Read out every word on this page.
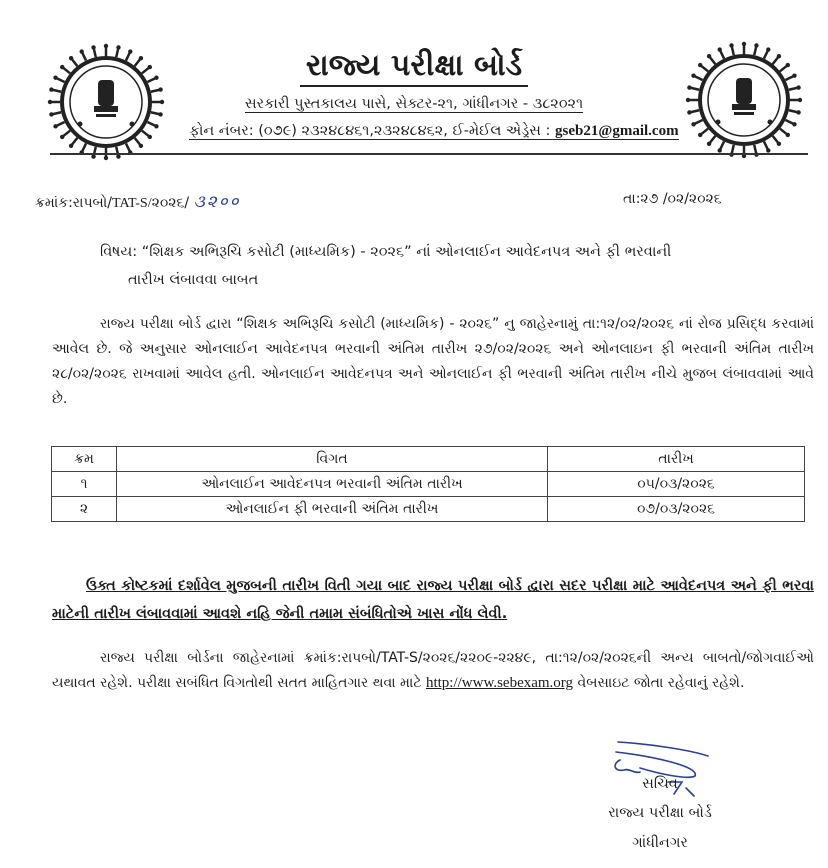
રાજ્ય પરીક્ષા બોર્ડ
સરકારી પુસ્તકાલય પાસે, સેક્ટર-૨૧, ગાંધીનગર - ૩૮૨૦૨૧
ફોન નંબર: (૦૭૯) ૨૩૨૪૮૪૬૧,૨૩૨૪૮૪૬૨, ઈ-મેઈલ એડ્રેસ : gseb21@gmail.com
ક્રમાંક:રાપબો/TAT-S/૨૦૨૬/ ૩૨००	તા:૨૭ /૦૨/૨૦૨૬
વિષય: “શિક્ષક અભિરૂચિ કસોટી (માધ્યમિક) - ૨૦૨૬” નાં ઓનલાઈન આવેદનપત્ર અને ફી ભરવાની
તારીખ લંબાવવા બાબત
રાજ્ય પરીક્ષા બોર્ડ દ્વારા “શિક્ષક અભિરૂચિ કસોટી (માધ્યમિક) - ૨૦૨૬” નુ જાહેરનામું તા:૧૨/૦૨/૨૦૨૬ નાં રોજ પ્રસિદ્ધ કરવામાં આવેલ છે. જે અનુસાર ઓનલાઈન આવેદનપત્ર ભરવાની અંતિમ તારીખ ૨૭/૦૨/૨૦૨૬ અને ઓનલાઇન ફી ભરવાની અંતિમ તારીખ ૨૮/૦૨/૨૦૨૬ રાખવામાં આવેલ હતી. ઓનલાઈન આવેદનપત્ર અને ઓનલાઈન ફી ભરવાની અંતિમ તારીખ નીચે મુજબ લંબાવવામાં આવે છે.
ક્રમ	વિગત	તારીખ
૧	ઓનલાઈન આવેદનપત્ર ભરવાની અંતિમ તારીખ	૦૫/૦૩/૨૦૨૬
૨	ઓનલાઈન ફી ભરવાની અંતિમ તારીખ	૦૭/૦૩/૨૦૨૬
ઉક્ત કોષ્ટકમાં દર્શાવેલ મુજબની તારીખ વિતી ગયા બાદ રાજ્ય પરીક્ષા બોર્ડ દ્વારા સદર પરીક્ષા માટે આવેદનપત્ર અને ફી ભરવા માટેની તારીખ લંબાવવામાં આવશે નહિ જેની તમામ સંબંધિતોએ ખાસ નોંધ લેવી.
રાજ્ય પરીક્ષા બોર્ડના જાહેરનામાં ક્રમાંક:રાપબો/TAT-S/૨૦૨૬/૨૨૦૯-૨૨૪૯, તા:૧૨/૦૨/૨૦૨૬ની અન્ય બાબતો/જોગવાઈઓ યથાવત રહેશે. પરીક્ષા સબંધિત વિગતોથી સતત માહિતગાર થવા માટે http://www.sebexam.org વેબસાઇટ જોતા રહેવાનું રહેશે.
સચિવ
રાજ્ય પરીક્ષા બોર્ડ
ગાંધીનગર
